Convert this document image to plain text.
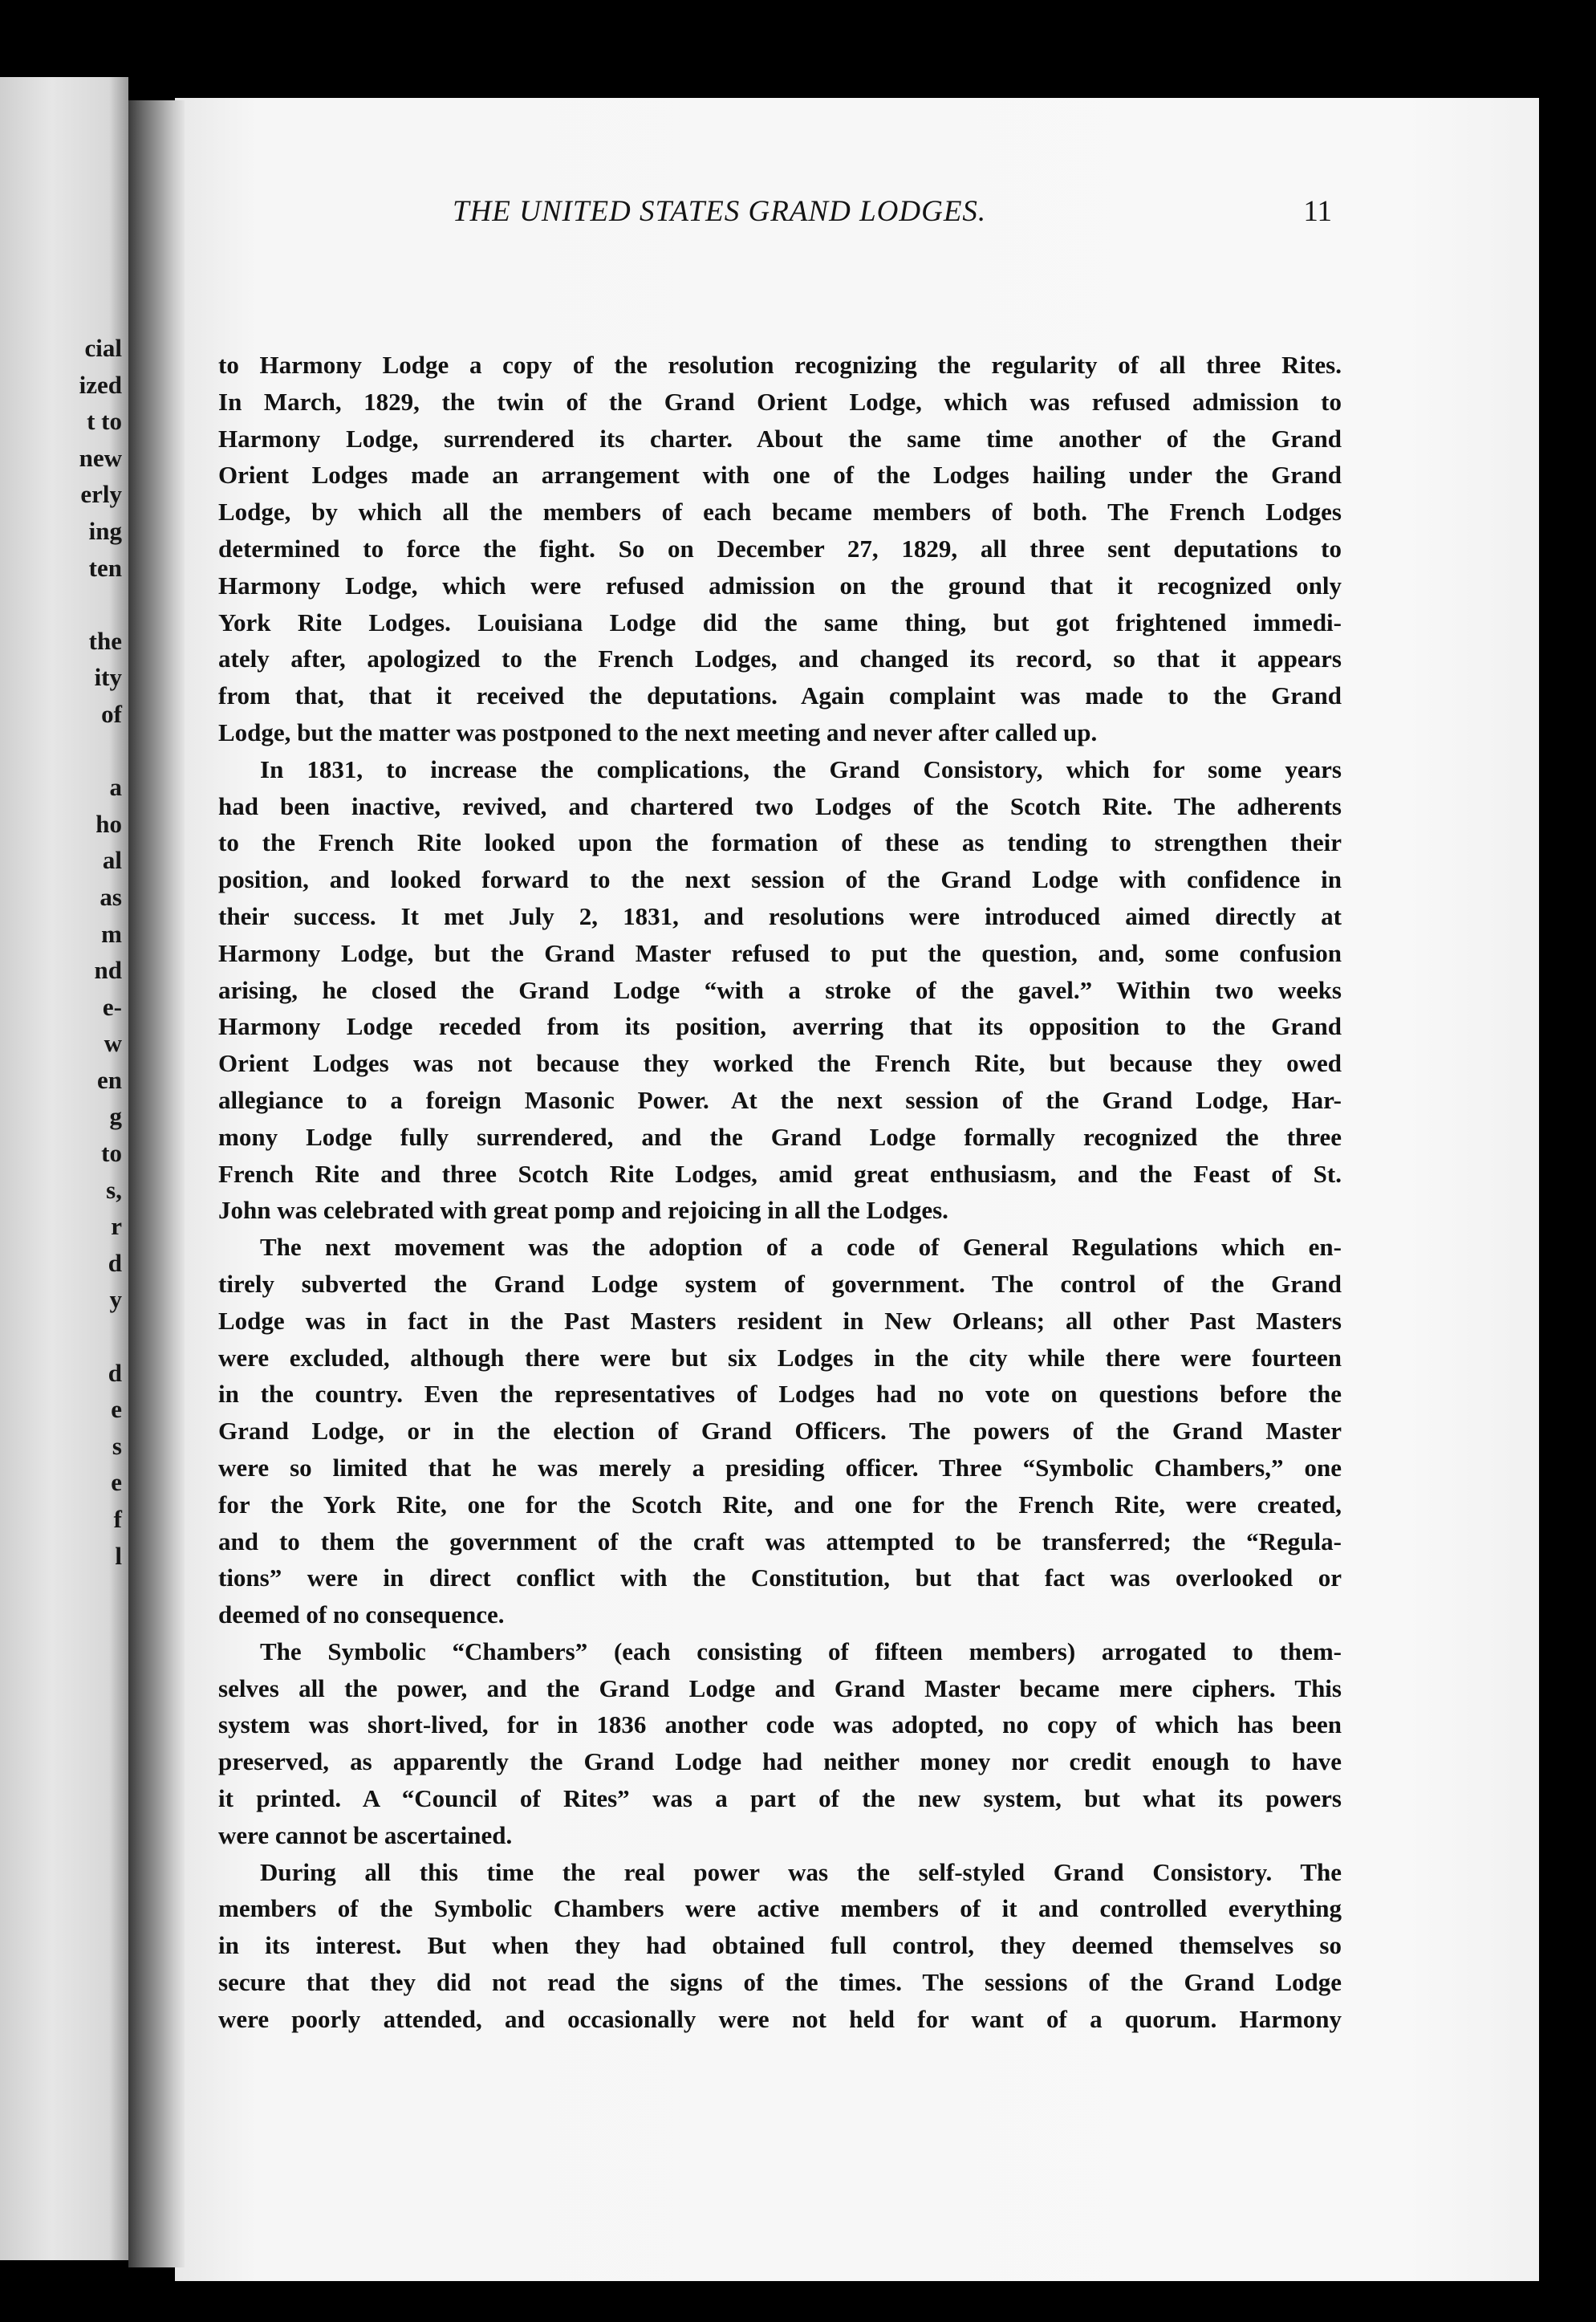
cial
ized
t to
new
erly
ing
ten
the
ity
of
a
ho
al
as
m
nd
e-
w
en
g
to
s,
r
d
y
d
e
s
e
f
l
THE UNITED STATES GRAND LODGES.	11
to Harmony Lodge a copy of the resolution recognizing the regularity of all three Rites.
In March, 1829, the twin of the Grand Orient Lodge, which was refused admission to
Harmony Lodge, surrendered its charter. About the same time another of the Grand
Orient Lodges made an arrangement with one of the Lodges hailing under the Grand
Lodge, by which all the members of each became members of both. The French Lodges
determined to force the fight. So on December 27, 1829, all three sent deputations to
Harmony Lodge, which were refused admission on the ground that it recognized only
York Rite Lodges. Louisiana Lodge did the same thing, but got frightened immedi-
ately after, apologized to the French Lodges, and changed its record, so that it appears
from that, that it received the deputations. Again complaint was made to the Grand
Lodge, but the matter was postponed to the next meeting and never after called up.
In 1831, to increase the complications, the Grand Consistory, which for some years
had been inactive, revived, and chartered two Lodges of the Scotch Rite. The adherents
to the French Rite looked upon the formation of these as tending to strengthen their
position, and looked forward to the next session of the Grand Lodge with confidence in
their success. It met July 2, 1831, and resolutions were introduced aimed directly at
Harmony Lodge, but the Grand Master refused to put the question, and, some confusion
arising, he closed the Grand Lodge “with a stroke of the gavel.” Within two weeks
Harmony Lodge receded from its position, averring that its opposition to the Grand
Orient Lodges was not because they worked the French Rite, but because they owed
allegiance to a foreign Masonic Power. At the next session of the Grand Lodge, Har-
mony Lodge fully surrendered, and the Grand Lodge formally recognized the three
French Rite and three Scotch Rite Lodges, amid great enthusiasm, and the Feast of St.
John was celebrated with great pomp and rejoicing in all the Lodges.
The next movement was the adoption of a code of General Regulations which en-
tirely subverted the Grand Lodge system of government. The control of the Grand
Lodge was in fact in the Past Masters resident in New Orleans; all other Past Masters
were excluded, although there were but six Lodges in the city while there were fourteen
in the country. Even the representatives of Lodges had no vote on questions before the
Grand Lodge, or in the election of Grand Officers. The powers of the Grand Master
were so limited that he was merely a presiding officer. Three “Symbolic Chambers,” one
for the York Rite, one for the Scotch Rite, and one for the French Rite, were created,
and to them the government of the craft was attempted to be transferred; the “Regula-
tions” were in direct conflict with the Constitution, but that fact was overlooked or
deemed of no consequence.
The Symbolic “Chambers” (each consisting of fifteen members) arrogated to them-
selves all the power, and the Grand Lodge and Grand Master became mere ciphers. This
system was short-lived, for in 1836 another code was adopted, no copy of which has been
preserved, as apparently the Grand Lodge had neither money nor credit enough to have
it printed. A “Council of Rites” was a part of the new system, but what its powers
were cannot be ascertained.
During all this time the real power was the self-styled Grand Consistory. The
members of the Symbolic Chambers were active members of it and controlled everything
in its interest. But when they had obtained full control, they deemed themselves so
secure that they did not read the signs of the times. The sessions of the Grand Lodge
were poorly attended, and occasionally were not held for want of a quorum. Harmony
